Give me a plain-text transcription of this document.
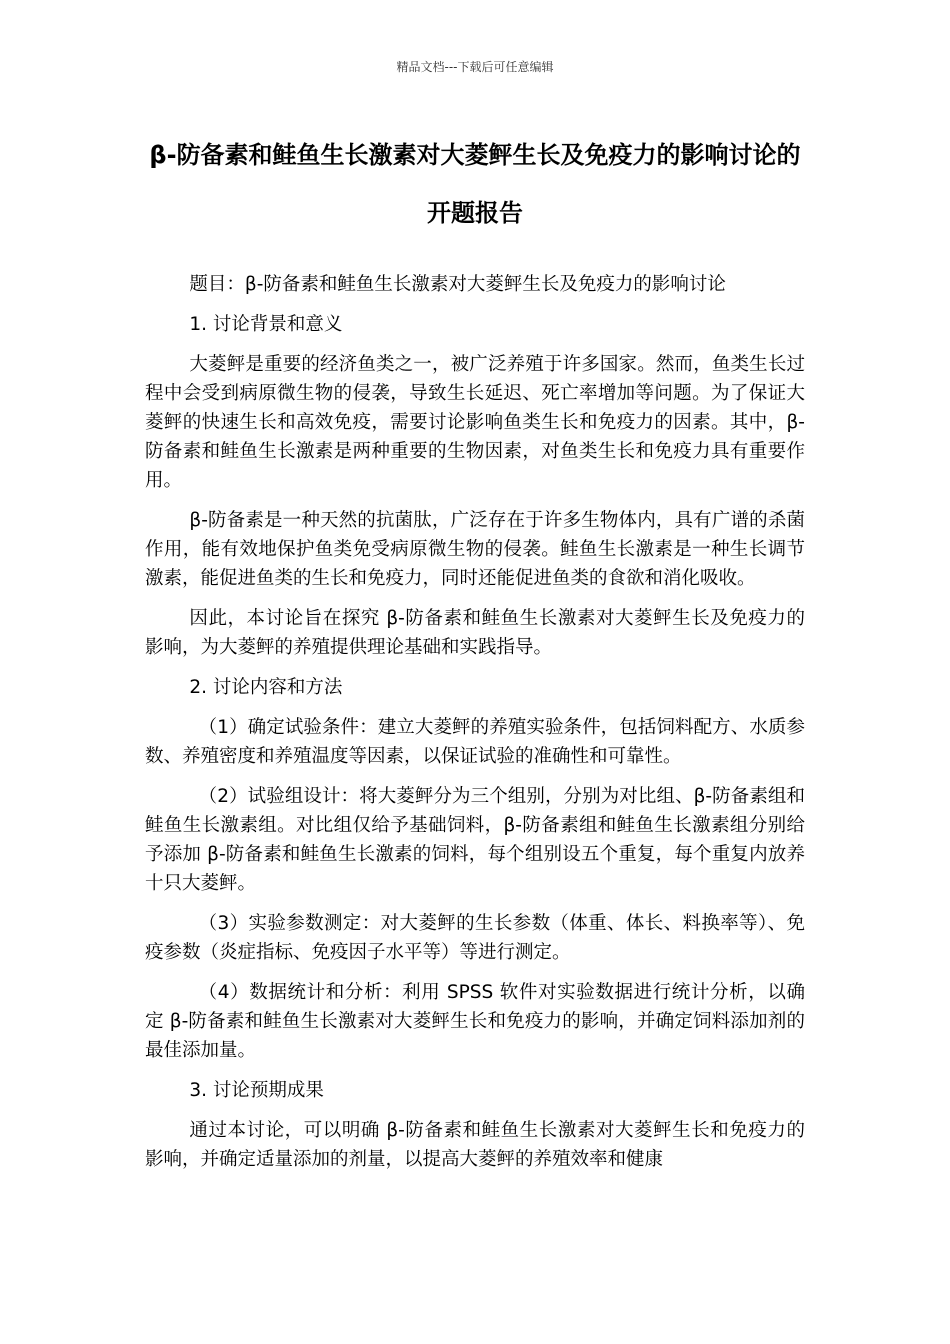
精品文档---下载后可任意编辑
β-防备素和鲑鱼生长激素对大菱鲆生长及免疫力的影响讨论的开题报告

题目：β-防备素和鲑鱼生长激素对大菱鲆生长及免疫力的影响讨论

1. 讨论背景和意义

大菱鲆是重要的经济鱼类之一，被广泛养殖于许多国家。然而，鱼类生长过程中会受到病原微生物的侵袭，导致生长延迟、死亡率增加等问题。为了保证大菱鲆的快速生长和高效免疫，需要讨论影响鱼类生长和免疫力的因素。其中，β-防备素和鲑鱼生长激素是两种重要的生物因素，对鱼类生长和免疫力具有重要作用。

β-防备素是一种天然的抗菌肽，广泛存在于许多生物体内，具有广谱的杀菌作用，能有效地保护鱼类免受病原微生物的侵袭。鲑鱼生长激素是一种生长调节激素，能促进鱼类的生长和免疫力，同时还能促进鱼类的食欲和消化吸收。

因此，本讨论旨在探究 β-防备素和鲑鱼生长激素对大菱鲆生长及免疫力的影响，为大菱鲆的养殖提供理论基础和实践指导。

2. 讨论内容和方法

（1）确定试验条件：建立大菱鲆的养殖实验条件，包括饲料配方、水质参数、养殖密度和养殖温度等因素，以保证试验的准确性和可靠性。

（2）试验组设计：将大菱鲆分为三个组别，分别为对比组、β-防备素组和鲑鱼生长激素组。对比组仅给予基础饲料，β-防备素组和鲑鱼生长激素组分别给予添加 β-防备素和鲑鱼生长激素的饲料，每个组别设五个重复，每个重复内放养十只大菱鲆。

（3）实验参数测定：对大菱鲆的生长参数（体重、体长、料换率等）、免疫参数（炎症指标、免疫因子水平等）等进行测定。

（4）数据统计和分析：利用 SPSS 软件对实验数据进行统计分析，以确定 β-防备素和鲑鱼生长激素对大菱鲆生长和免疫力的影响，并确定饲料添加剂的最佳添加量。

3. 讨论预期成果

通过本讨论，可以明确 β-防备素和鲑鱼生长激素对大菱鲆生长和免疫力的影响，并确定适量添加的剂量，以提高大菱鲆的养殖效率和健康
